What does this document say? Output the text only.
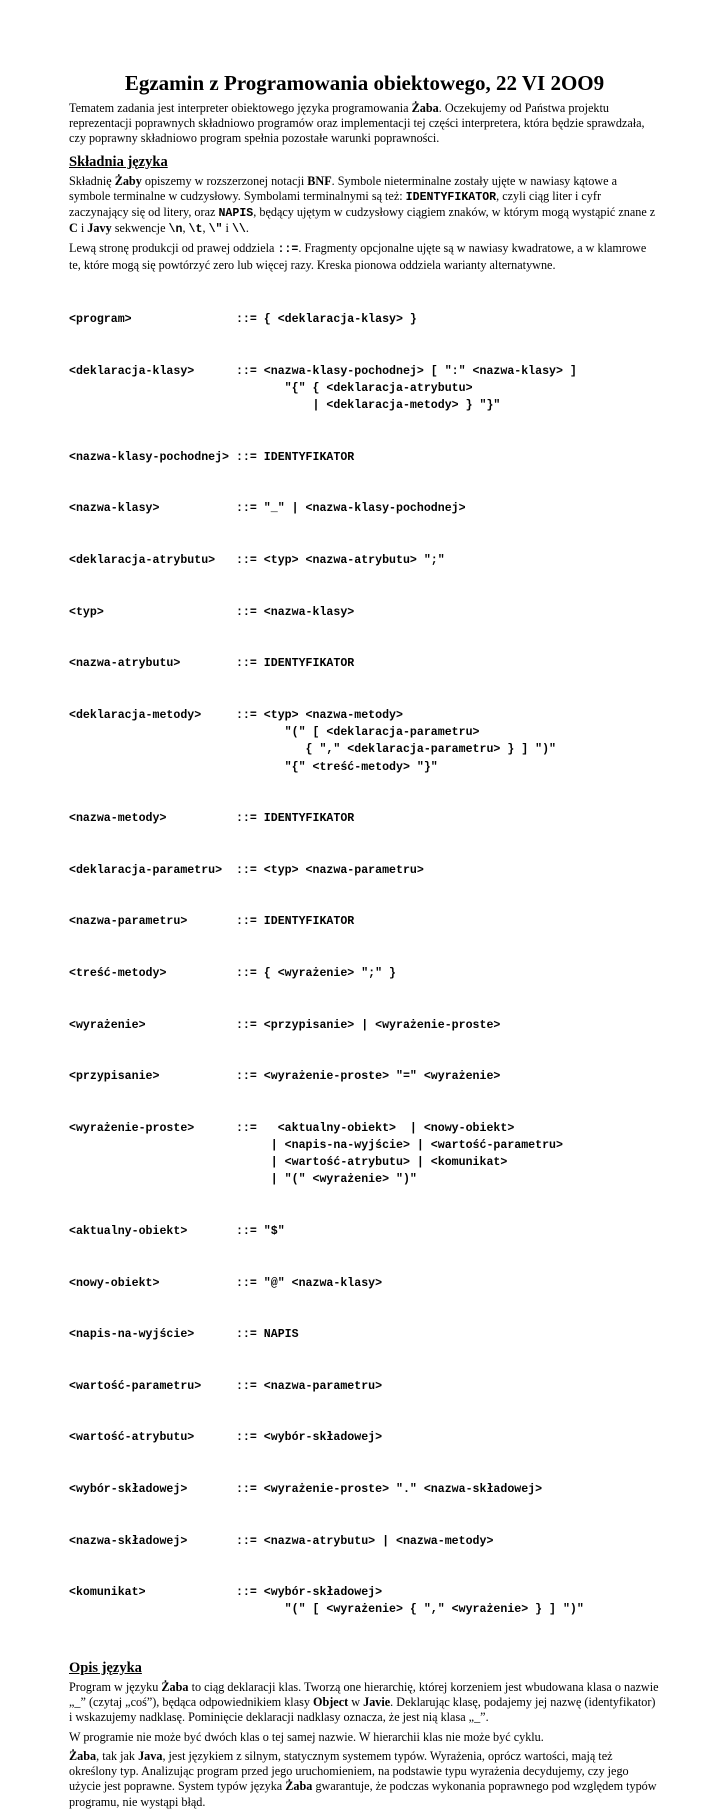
Egzamin z Programowania obiektowego, 22 VI 2OO9

Tematem zadania jest interpreter obiektowego języka programowania Żaba. Oczekujemy od Państwa projektu reprezentacji poprawnych składniowo programów oraz implementacji tej części interpretera, która będzie sprawdzała, czy poprawny składniowo program spełnia pozostałe warunki poprawności.

Składnia języka

Składnię Żaby opiszemy w rozszerzonej notacji BNF. Symbole nieterminalne zostały ujęte w nawiasy kątowe a symbole terminalne w cudzysłowy. Symbolami terminalnymi są też: IDENTYFIKATOR, czyli ciąg liter i cyfr zaczynający się od litery, oraz NAPIS, będący ujętym w cudzysłowy ciągiem znaków, w którym mogą wystąpić znane z C i Javy sekwencje \n, \t, \" i \\.

Lewą stronę produkcji od prawej oddziela ::=. Fragmenty opcjonalne ujęte są w nawiasy kwadratowe, a w klamrowe te, które mogą się powtórzyć zero lub więcej razy. Kreska pionowa oddziela warianty alternatywne.

<program>               ::= { <deklaracja-klasy> }

<deklaracja-klasy>      ::= <nazwa-klasy-pochodnej> [ ":" <nazwa-klasy> ]
"{" { <deklaracja-atrybutu>
| <deklaracja-metody> } "}"

<nazwa-klasy-pochodnej> ::= IDENTYFIKATOR

<nazwa-klasy>           ::= "_" | <nazwa-klasy-pochodnej>

<deklaracja-atrybutu>   ::= <typ> <nazwa-atrybutu> ";"

<typ>                   ::= <nazwa-klasy>

<nazwa-atrybutu>        ::= IDENTYFIKATOR

<deklaracja-metody>     ::= <typ> <nazwa-metody>
"(" [ <deklaracja-parametru>
{ "," <deklaracja-parametru> } ] ")"
"{" <treść-metody> "}"

<nazwa-metody>          ::= IDENTYFIKATOR

<deklaracja-parametru>  ::= <typ> <nazwa-parametru>

<nazwa-parametru>       ::= IDENTYFIKATOR

<treść-metody>          ::= { <wyrażenie> ";" }

<wyrażenie>             ::= <przypisanie> | <wyrażenie-proste>

<przypisanie>           ::= <wyrażenie-proste> "=" <wyrażenie>

<wyrażenie-proste>      ::=   <aktualny-obiekt>  | <nowy-obiekt>
| <napis-na-wyjście> | <wartość-parametru>
| <wartość-atrybutu> | <komunikat>
| "(" <wyrażenie> ")"

<aktualny-obiekt>       ::= "$"

<nowy-obiekt>           ::= "@" <nazwa-klasy>

<napis-na-wyjście>      ::= NAPIS

<wartość-parametru>     ::= <nazwa-parametru>

<wartość-atrybutu>      ::= <wybór-składowej>

<wybór-składowej>       ::= <wyrażenie-proste> "." <nazwa-składowej>

<nazwa-składowej>       ::= <nazwa-atrybutu> | <nazwa-metody>

<komunikat>             ::= <wybór-składowej>
"(" [ <wyrażenie> { "," <wyrażenie> } ] ")"

Opis języka

Program w języku Żaba to ciąg deklaracji klas. Tworzą one hierarchię, której korzeniem jest wbudowana klasa o nazwie „_” (czytaj „coś”), będąca odpowiednikiem klasy Object w Javie. Deklarując klasę, podajemy jej nazwę (identyfikator) i wskazujemy nadklasę. Pominięcie deklaracji nadklasy oznacza, że jest nią klasa „_”.

W programie nie może być dwóch klas o tej samej nazwie. W hierarchii klas nie może być cyklu.

Żaba, tak jak Java, jest językiem z silnym, statycznym systemem typów. Wyrażenia, oprócz wartości, mają też określony typ. Analizując program przed jego uruchomieniem, na podstawie typu wyrażenia decydujemy, czy jego użycie jest poprawne. System typów języka Żaba gwarantuje, że podczas wykonania poprawnego pod względem typów programu, nie wystąpi błąd.
